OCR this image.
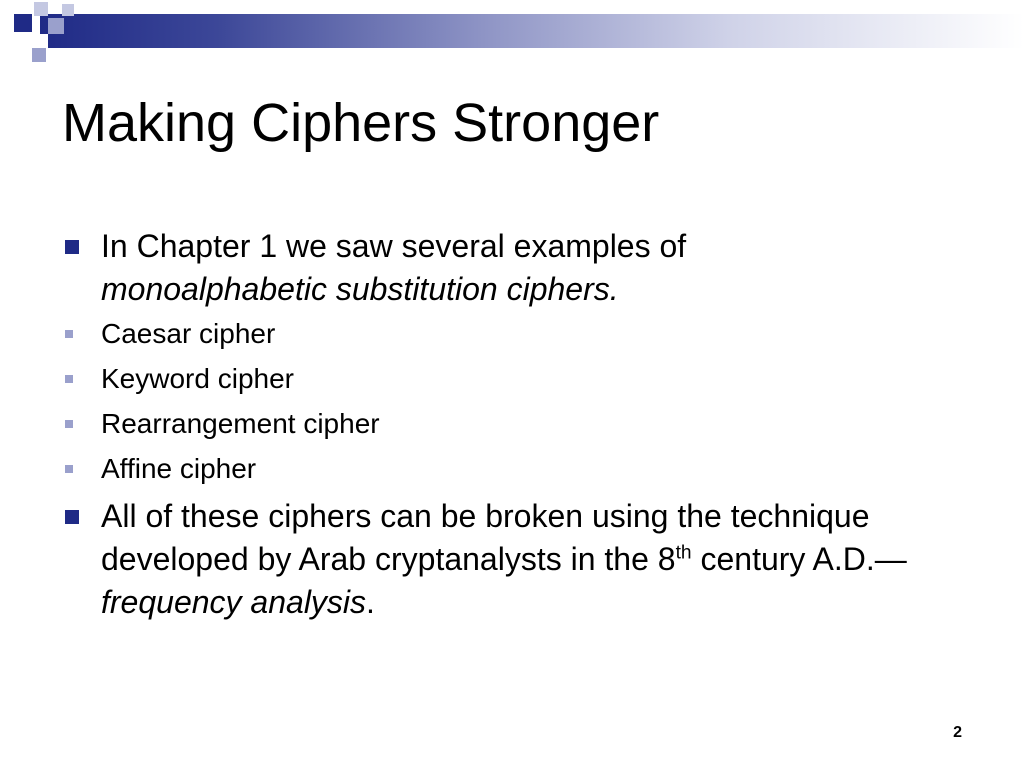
Making Ciphers Stronger
In Chapter 1 we saw several examples of
monoalphabetic substitution ciphers.
Caesar cipher
Keyword cipher
Rearrangement cipher
Affine cipher
All of these ciphers can be broken using the technique developed by Arab cryptanalysts in the 8th century A.D.—frequency analysis.
2
